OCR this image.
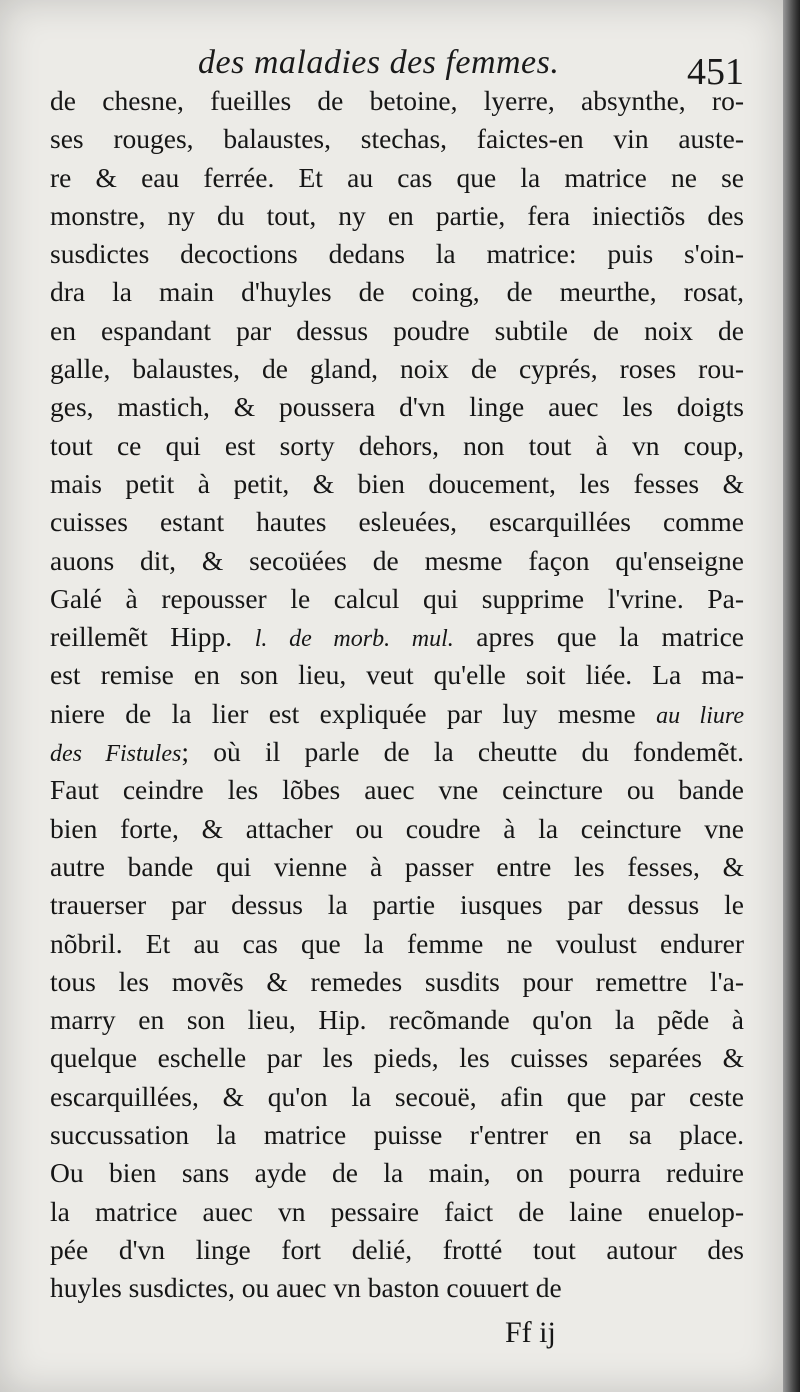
des maladies des femmes.	451
de chesne, fueilles de betoine, lyerre, absynthe, ro-
ses rouges, balaustes, stechas, faictes-en vin auste-
re & eau ferrée. Et au cas que la matrice ne se
monstre, ny du tout, ny en partie, fera iniectiõs des
susdictes decoctions dedans la matrice: puis s'oin-
dra la main d'huyles de coing, de meurthe, rosat,
en espandant par dessus poudre subtile de noix de
galle, balaustes, de gland, noix de cyprés, roses rou-
ges, mastich, & poussera d'vn linge auec les doigts
tout ce qui est sorty dehors, non tout à vn coup,
mais petit à petit, & bien doucement, les fesses &
cuisses estant hautes esleuées, escarquillées comme
auons dit, & secoüées de mesme façon qu'enseigne
Galé à repousser le calcul qui supprime l'vrine. Pa-
reillemẽt Hipp. l. de morb. mul. apres que la matrice
est remise en son lieu, veut qu'elle soit liée. La ma-
niere de la lier est expliquée par luy mesme au liure
des Fistules; où il parle de la cheutte du fondemẽt.
Faut ceindre les lõbes auec vne ceincture ou bande
bien forte, & attacher ou coudre à la ceincture vne
autre bande qui vienne à passer entre les fesses, &
trauerser par dessus la partie iusques par dessus le
nõbril. Et au cas que la femme ne voulust endurer
tous les movẽs & remedes susdits pour remettre l'a-
marry en son lieu, Hip. recõmande qu'on la pẽde à
quelque eschelle par les pieds, les cuisses separées &
escarquillées, & qu'on la secouë, afin que par ceste
succussation la matrice puisse r'entrer en sa place.
Ou bien sans ayde de la main, on pourra reduire
la matrice auec vn pessaire faict de laine enuelop-
pée d'vn linge fort delié, frotté tout autour des
huyles susdictes, ou auec vn baston couuert de
Ff ij
